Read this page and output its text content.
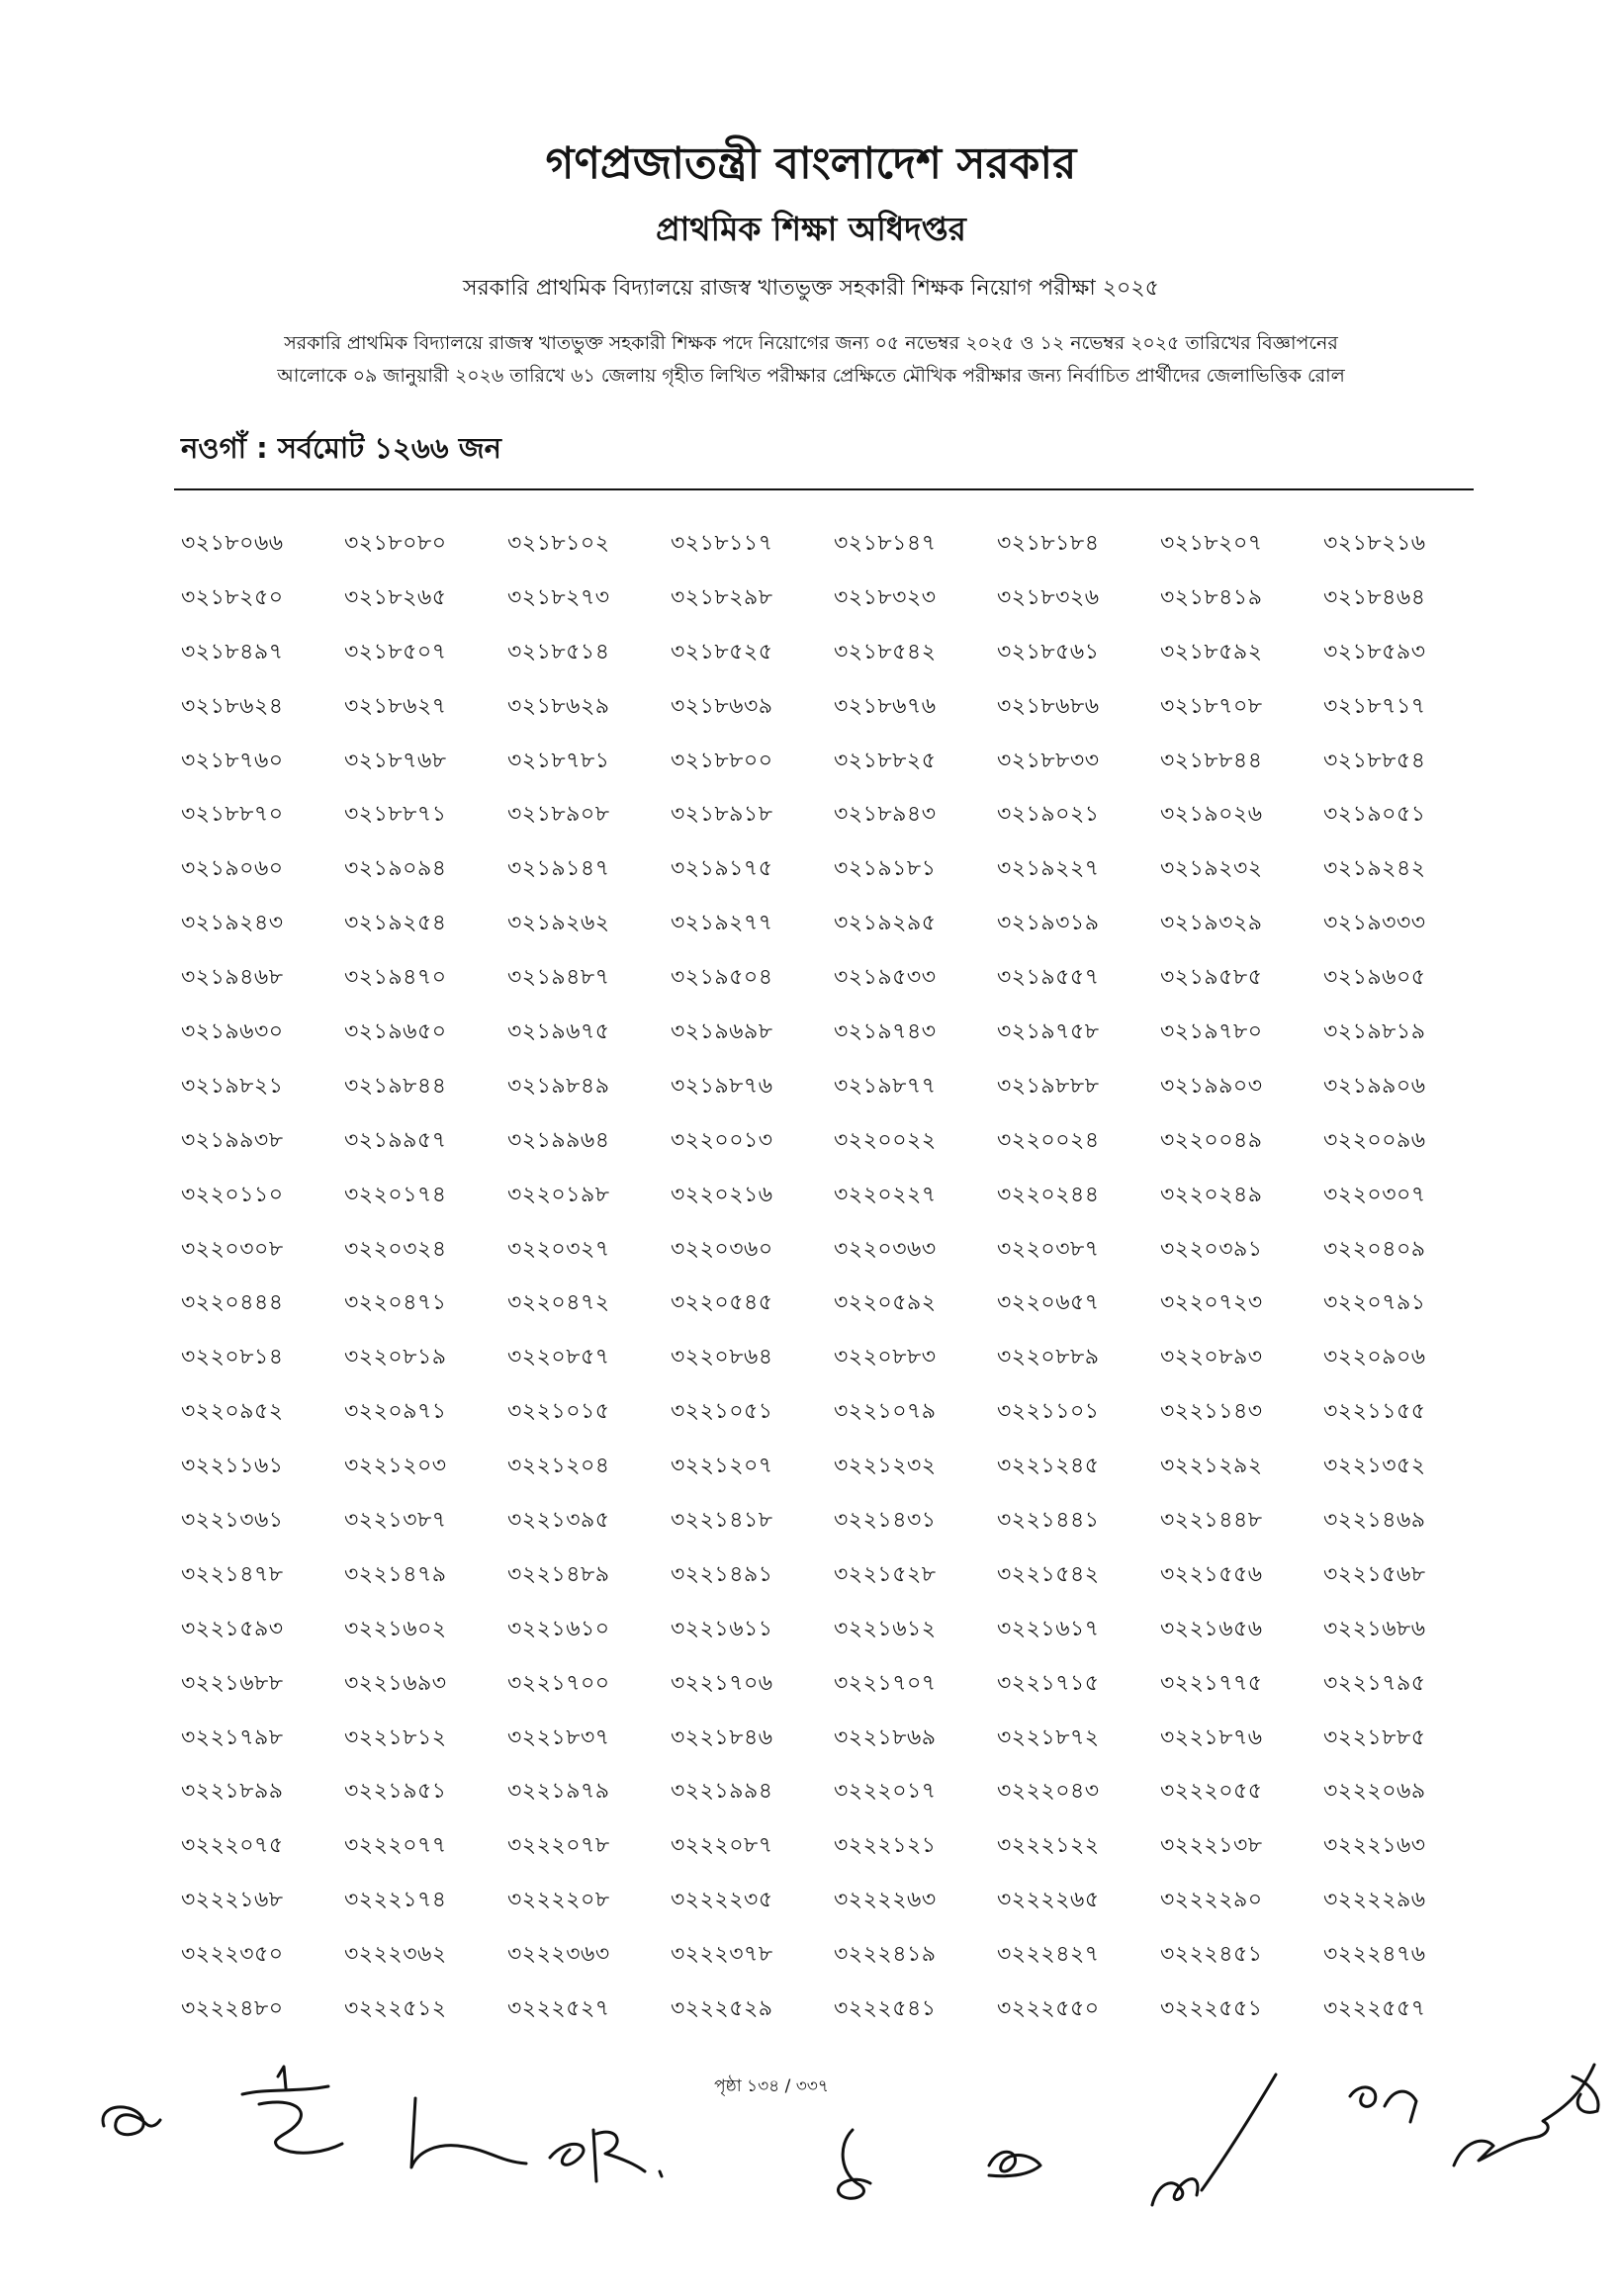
গণপ্রজাতন্ত্রী বাংলাদেশ সরকার
প্রাথমিক শিক্ষা অধিদপ্তর
সরকারি প্রাথমিক বিদ্যালয়ে রাজস্ব খাতভুক্ত সহকারী শিক্ষক নিয়োগ পরীক্ষা ২০২৫
সরকারি প্রাথমিক বিদ্যালয়ে রাজস্ব খাতভুক্ত সহকারী শিক্ষক পদে নিয়োগের জন্য ০৫ নভেম্বর ২০২৫ ও ১২ নভেম্বর ২০২৫ তারিখের বিজ্ঞাপনের
আলোকে ০৯ জানুয়ারী ২০২৬ তারিখে ৬১ জেলায় গৃহীত লিখিত পরীক্ষার প্রেক্ষিতে মৌখিক পরীক্ষার জন্য নির্বাচিত প্রার্থীদের জেলাভিত্তিক রোল
নওগাঁ : সর্বমোট ১২৬৬ জন
৩২১৮০৬৬	৩২১৮০৮০	৩২১৮১০২	৩২১৮১১৭	৩২১৮১৪৭	৩২১৮১৮৪	৩২১৮২০৭	৩২১৮২১৬
৩২১৮২৫০	৩২১৮২৬৫	৩২১৮২৭৩	৩২১৮২৯৮	৩২১৮৩২৩	৩২১৮৩২৬	৩২১৮৪১৯	৩২১৮৪৬৪
৩২১৮৪৯৭	৩২১৮৫০৭	৩২১৮৫১৪	৩২১৮৫২৫	৩২১৮৫৪২	৩২১৮৫৬১	৩২১৮৫৯২	৩২১৮৫৯৩
৩২১৮৬২৪	৩২১৮৬২৭	৩২১৮৬২৯	৩২১৮৬৩৯	৩২১৮৬৭৬	৩২১৮৬৮৬	৩২১৮৭০৮	৩২১৮৭১৭
৩২১৮৭৬০	৩২১৮৭৬৮	৩২১৮৭৮১	৩২১৮৮০০	৩২১৮৮২৫	৩২১৮৮৩৩	৩২১৮৮৪৪	৩২১৮৮৫৪
৩২১৮৮৭০	৩২১৮৮৭১	৩২১৮৯০৮	৩২১৮৯১৮	৩২১৮৯৪৩	৩২১৯০২১	৩২১৯০২৬	৩২১৯০৫১
৩২১৯০৬০	৩২১৯০৯৪	৩২১৯১৪৭	৩২১৯১৭৫	৩২১৯১৮১	৩২১৯২২৭	৩২১৯২৩২	৩২১৯২৪২
৩২১৯২৪৩	৩২১৯২৫৪	৩২১৯২৬২	৩২১৯২৭৭	৩২১৯২৯৫	৩২১৯৩১৯	৩২১৯৩২৯	৩২১৯৩৩৩
৩২১৯৪৬৮	৩২১৯৪৭০	৩২১৯৪৮৭	৩২১৯৫০৪	৩২১৯৫৩৩	৩২১৯৫৫৭	৩২১৯৫৮৫	৩২১৯৬০৫
৩২১৯৬৩০	৩২১৯৬৫০	৩২১৯৬৭৫	৩২১৯৬৯৮	৩২১৯৭৪৩	৩২১৯৭৫৮	৩২১৯৭৮০	৩২১৯৮১৯
৩২১৯৮২১	৩২১৯৮৪৪	৩২১৯৮৪৯	৩২১৯৮৭৬	৩২১৯৮৭৭	৩২১৯৮৮৮	৩২১৯৯০৩	৩২১৯৯০৬
৩২১৯৯৩৮	৩২১৯৯৫৭	৩২১৯৯৬৪	৩২২০০১৩	৩২২০০২২	৩২২০০২৪	৩২২০০৪৯	৩২২০০৯৬
৩২২০১১০	৩২২০১৭৪	৩২২০১৯৮	৩২২০২১৬	৩২২০২২৭	৩২২০২৪৪	৩২২০২৪৯	৩২২০৩০৭
৩২২০৩০৮	৩২২০৩২৪	৩২২০৩২৭	৩২২০৩৬০	৩২২০৩৬৩	৩২২০৩৮৭	৩২২০৩৯১	৩২২০৪০৯
৩২২০৪৪৪	৩২২০৪৭১	৩২২০৪৭২	৩২২০৫৪৫	৩২২০৫৯২	৩২২০৬৫৭	৩২২০৭২৩	৩২২০৭৯১
৩২২০৮১৪	৩২২০৮১৯	৩২২০৮৫৭	৩২২০৮৬৪	৩২২০৮৮৩	৩২২০৮৮৯	৩২২০৮৯৩	৩২২০৯০৬
৩২২০৯৫২	৩২২০৯৭১	৩২২১০১৫	৩২২১০৫১	৩২২১০৭৯	৩২২১১০১	৩২২১১৪৩	৩২২১১৫৫
৩২২১১৬১	৩২২১২০৩	৩২২১২০৪	৩২২১২০৭	৩২২১২৩২	৩২২১২৪৫	৩২২১২৯২	৩২২১৩৫২
৩২২১৩৬১	৩২২১৩৮৭	৩২২১৩৯৫	৩২২১৪১৮	৩২২১৪৩১	৩২২১৪৪১	৩২২১৪৪৮	৩২২১৪৬৯
৩২২১৪৭৮	৩২২১৪৭৯	৩২২১৪৮৯	৩২২১৪৯১	৩২২১৫২৮	৩২২১৫৪২	৩২২১৫৫৬	৩২২১৫৬৮
৩২২১৫৯৩	৩২২১৬০২	৩২২১৬১০	৩২২১৬১১	৩২২১৬১২	৩২২১৬১৭	৩২২১৬৫৬	৩২২১৬৮৬
৩২২১৬৮৮	৩২২১৬৯৩	৩২২১৭০০	৩২২১৭০৬	৩২২১৭০৭	৩২২১৭১৫	৩২২১৭৭৫	৩২২১৭৯৫
৩২২১৭৯৮	৩২২১৮১২	৩২২১৮৩৭	৩২২১৮৪৬	৩২২১৮৬৯	৩২২১৮৭২	৩২২১৮৭৬	৩২২১৮৮৫
৩২২১৮৯৯	৩২২১৯৫১	৩২২১৯৭৯	৩২২১৯৯৪	৩২২২০১৭	৩২২২০৪৩	৩২২২০৫৫	৩২২২০৬৯
৩২২২০৭৫	৩২২২০৭৭	৩২২২০৭৮	৩২২২০৮৭	৩২২২১২১	৩২২২১২২	৩২২২১৩৮	৩২২২১৬৩
৩২২২১৬৮	৩২২২১৭৪	৩২২২২০৮	৩২২২২৩৫	৩২২২২৬৩	৩২২২২৬৫	৩২২২২৯০	৩২২২২৯৬
৩২২২৩৫০	৩২২২৩৬২	৩২২২৩৬৩	৩২২২৩৭৮	৩২২২৪১৯	৩২২২৪২৭	৩২২২৪৫১	৩২২২৪৭৬
৩২২২৪৮০	৩২২২৫১২	৩২২২৫২৭	৩২২২৫২৯	৩২২২৫৪১	৩২২২৫৫০	৩২২২৫৫১	৩২২২৫৫৭
পৃষ্ঠা ১৩৪ / ৩৩৭
